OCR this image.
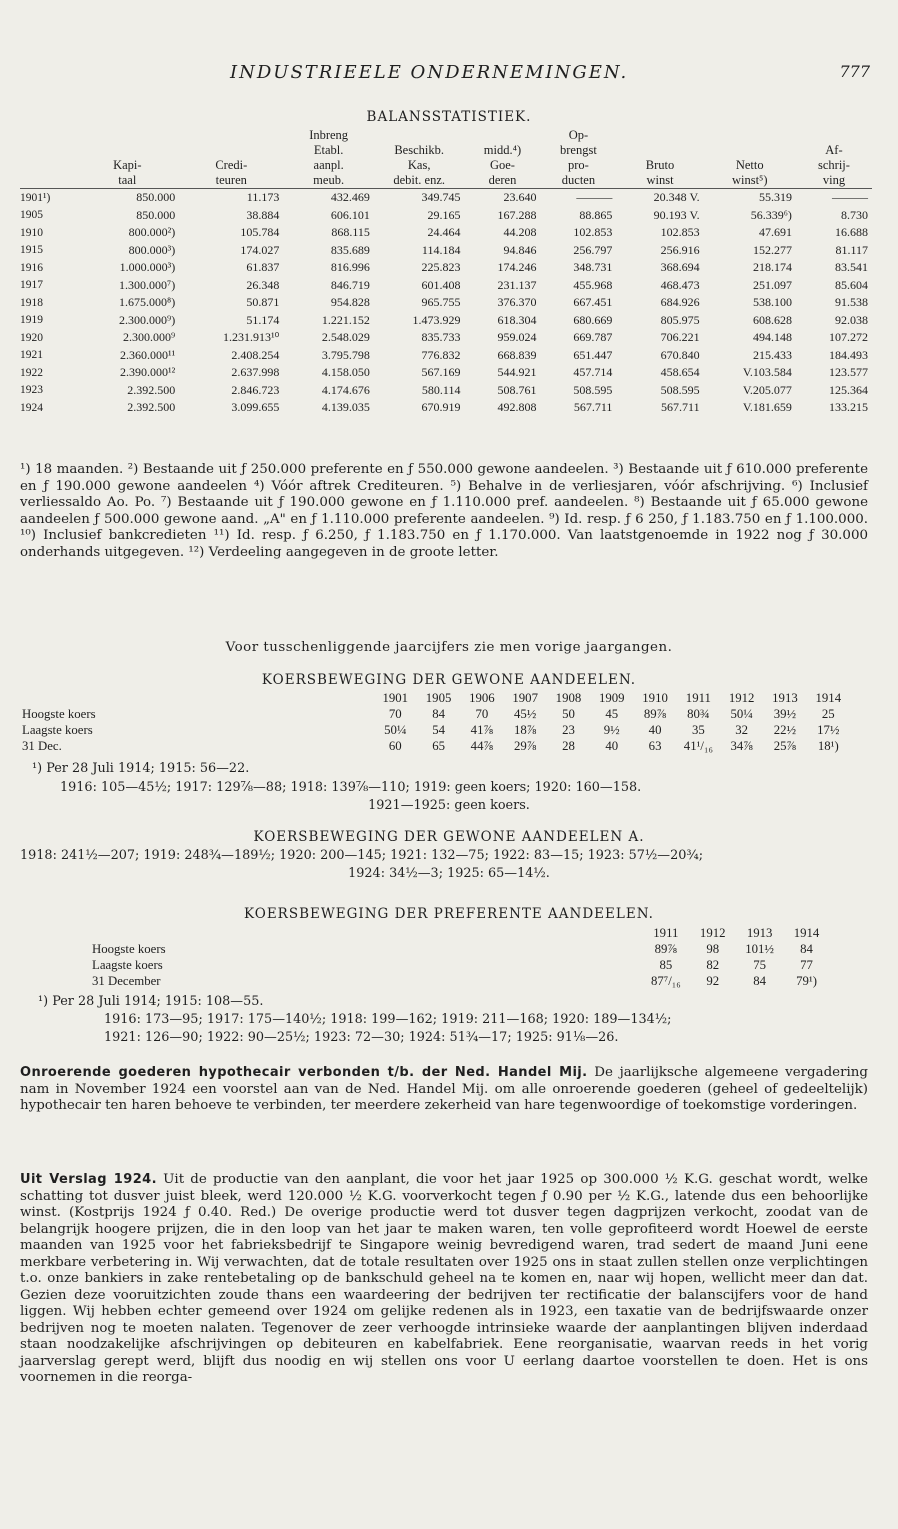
INDUSTRIEELE ONDERNEMINGEN.	777
BALANSSTATISTIEK.
			Inbreng			Op-			
			Etabl.	Beschikb.	midd.⁴)	brengst			Af-
	Kapi-	Credi-	aanpl.	Kas,	Goe-	pro-	Bruto	Netto	schrij-
	taal	teuren	meub.	debit. enz.	deren	ducten	winst	winst⁵)	ving
1901¹)	850.000	11.173	432.469	349.745	23.640	———	20.348 V.	55.319	———
1905	850.000	38.884	606.101	29.165	167.288	88.865	90.193 V.	56.339⁶)	8.730
1910	800.000²)	105.784	868.115	24.464	44.208	102.853	102.853	47.691	16.688
1915	800.000³)	174.027	835.689	114.184	94.846	256.797	256.916	152.277	81.117
1916	1.000.000³)	61.837	816.996	225.823	174.246	348.731	368.694	218.174	83.541
1917	1.300.000⁷)	26.348	846.719	601.408	231.137	455.968	468.473	251.097	85.604
1918	1.675.000⁸)	50.871	954.828	965.755	376.370	667.451	684.926	538.100	91.538
1919	2.300.000⁹)	51.174	1.221.152	1.473.929	618.304	680.669	805.975	608.628	92.038
1920	2.300.000⁹	1.231.913¹⁰	2.548.029	835.733	959.024	669.787	706.221	494.148	107.272
1921	2.360.000¹¹	2.408.254	3.795.798	776.832	668.839	651.447	670.840	215.433	184.493
1922	2.390.000¹²	2.637.998	4.158.050	567.169	544.921	457.714	458.654	V.103.584	123.577
1923	2.392.500	2.846.723	4.174.676	580.114	508.761	508.595	508.595	V.205.077	125.364
1924	2.392.500	3.099.655	4.139.035	670.919	492.808	567.711	567.711	V.181.659	133.215
¹) 18 maanden. ²) Bestaande uit ƒ 250.000 preferente en ƒ 550.000 gewone aandeelen. ³) Bestaande uit ƒ 610.000 preferente en ƒ 190.000 gewone aandeelen ⁴) Vóór aftrek Crediteuren. ⁵) Behalve in de verliesjaren, vóór afschrijving. ⁶) Inclusief verliessaldo Ao. Po. ⁷) Bestaande uit ƒ 190.000 gewone en ƒ 1.110.000 pref. aandeelen. ⁸) Bestaande uit ƒ 65.000 gewone aandeelen ƒ 500.000 gewone aand. „A" en ƒ 1.110.000 preferente aandeelen. ⁹) Id. resp. ƒ 6 250, ƒ 1.183.750 en ƒ 1.100.000. ¹⁰) Inclusief bankcredieten ¹¹) Id. resp. ƒ 6.250, ƒ 1.183.750 en ƒ 1.170.000. Van laatstgenoemde in 1922 nog ƒ 30.000 onderhands uitgegeven. ¹²) Verdeeling aangegeven in de groote letter.
Voor tusschenliggende jaarcijfers zie men vorige jaargangen.
KOERSBEWEGING DER GEWONE AANDEELEN.
	1901	1905	1906	1907	1908	1909	1910	1911	1912	1913	1914
Hoogste koers	70	84	70	45½	50	45	89⅞	80¾	50¼	39½	25
Laagste koers	50¼	54	41⅞	18⅞	23	9½	40	35	32	22½	17½
31 Dec.	60	65	44⅞	29⅞	28	40	63	41¹/₁₆	34⅞	25⅞	18¹)
¹) Per 28 Juli 1914; 1915: 56—22.
1916: 105—45½; 1917: 129⅞—88; 1918: 139⅞—110; 1919: geen koers; 1920: 160—158.
1921—1925: geen koers.
KOERSBEWEGING DER GEWONE AANDEELEN A.
1918: 241½—207; 1919: 248¾—189½; 1920: 200—145; 1921: 132—75; 1922: 83—15; 1923: 57½—20¾;
1924: 34½—3; 1925: 65—14½.
KOERSBEWEGING DER PREFERENTE AANDEELEN.
	1911	1912	1913	1914
Hoogste koers	89⅞	98	101½	84
Laagste koers	85	82	75	77
31 December	87⁷/₁₆	92	84	79¹)
¹) Per 28 Juli 1914; 1915: 108—55.
1916: 173—95; 1917: 175—140½; 1918: 199—162; 1919: 211—168; 1920: 189—134½;
1921: 126—90; 1922: 90—25½; 1923: 72—30; 1924: 51¾—17; 1925: 91⅛—26.
Onroerende goederen hypothecair verbonden t/b. der Ned. Handel Mij. De jaarlijksche algemeene vergadering nam in November 1924 een voorstel aan van de Ned. Handel Mij. om alle onroerende goederen (geheel of gedeeltelijk) hypothecair ten haren behoeve te verbinden, ter meerdere zekerheid van hare tegenwoordige of toekomstige vorderingen.
Uit Verslag 1924. Uit de productie van den aanplant, die voor het jaar 1925 op 300.000 ½ K.G. geschat wordt, welke schatting tot dusver juist bleek, werd 120.000 ½ K.G. voorverkocht tegen ƒ 0.90 per ½ K.G., latende dus een behoorlijke winst. (Kostprijs 1924 ƒ 0.40. Red.) De overige productie werd tot dusver tegen dagprijzen verkocht, zoodat van de belangrijk hoogere prijzen, die in den loop van het jaar te maken waren, ten volle geprofiteerd wordt Hoewel de eerste maanden van 1925 voor het fabrieksbedrijf te Singapore weinig bevredigend waren, trad sedert de maand Juni eene merkbare verbetering in. Wij verwachten, dat de totale resultaten over 1925 ons in staat zullen stellen onze verplichtingen t.o. onze bankiers in zake rentebetaling op de bankschuld geheel na te komen en, naar wij hopen, wellicht meer dan dat. Gezien deze vooruitzichten zoude thans een waardeering der bedrijven ter rectificatie der balanscijfers voor de hand liggen. Wij hebben echter gemeend over 1924 om gelijke redenen als in 1923, een taxatie van de bedrijfswaarde onzer bedrijven nog te moeten nalaten. Tegenover de zeer verhoogde intrinsieke waarde der aanplantingen blijven inderdaad staan noodzakelijke afschrijvingen op debiteuren en kabelfabriek. Eene reorganisatie, waarvan reeds in het vorig jaarverslag gerept werd, blijft dus noodig en wij stellen ons voor U eerlang daartoe voorstellen te doen. Het is ons voornemen in die reorga-
